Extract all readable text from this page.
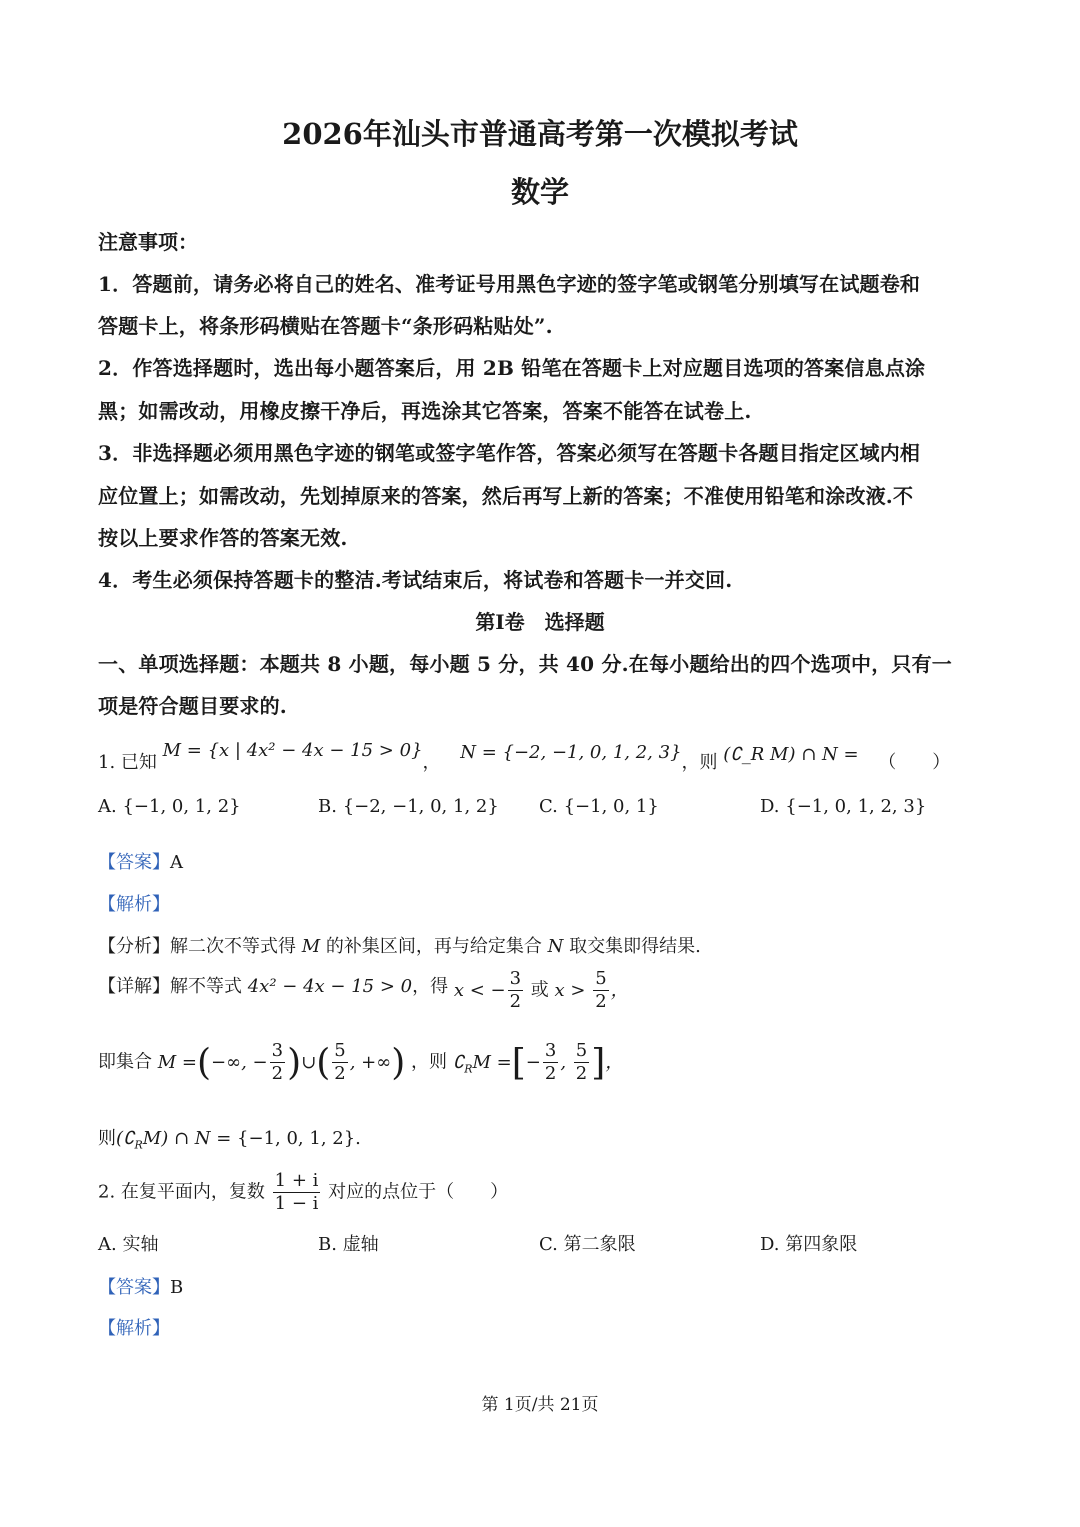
2026年汕头市普通高考第一次模拟考试
数学
注意事项：
1．答题前，请务必将自己的姓名、准考证号用黑色字迹的签字笔或钢笔分别填写在试题卷和
答题卡上，将条形码横贴在答题卡“条形码粘贴处”.
2．作答选择题时，选出每小题答案后，用 2B 铅笔在答题卡上对应题目选项的答案信息点涂
黑；如需改动，用橡皮擦干净后，再选涂其它答案，答案不能答在试卷上.
3．非选择题必须用黑色字迹的钢笔或签字笔作答，答案必须写在答题卡各题目指定区域内相
应位置上；如需改动，先划掉原来的答案，然后再写上新的答案；不准使用铅笔和涂改液.不
按以上要求作答的答案无效.
4．考生必须保持答题卡的整洁.考试结束后，将试卷和答题卡一并交回.
第Ⅰ卷　选择题
一、单项选择题：本题共 8 小题，每小题 5 分，共 40 分.在每小题给出的四个选项中，只有一
项是符合题目要求的.
1. 已知 M = {x | 4x² − 4x − 15 > 0}， N = {−2, −1, 0, 1, 2, 3}，则 (∁_R M) ∩ N = （　　）
A. {−1, 0, 1, 2}	B. {−2, −1, 0, 1, 2} C. {−1, 0, 1}	D. {−1, 0, 1, 2, 3}
【答案】A
【解析】
【分析】解二次不等式得 M 的补集区间，再与给定集合 N 取交集即得结果.
【详解】解不等式 4x² − 4x − 15 > 0，得 x < − $\frac{3}{2}$ 或 $x > \frac{5}{2}$ ，
即集合 M =(−∞, − $\frac{3}{2}$ )∪( $\frac{5}{2}$ , +∞) ，则 $∁_RM$ =[− $\frac{3}{2}$ , $\frac{5}{2}$ ]，
则$(∁_RM)$ ∩ N = {−1, 0, 1, 2}.
2. 在复平面内，复数 $\frac{1 + i}{1 - i}$ 对应的点位于（　　）
A. 实轴	B. 虚轴	C. 第二象限	D. 第四象限
【答案】B
【解析】
第 1页/共 21页
